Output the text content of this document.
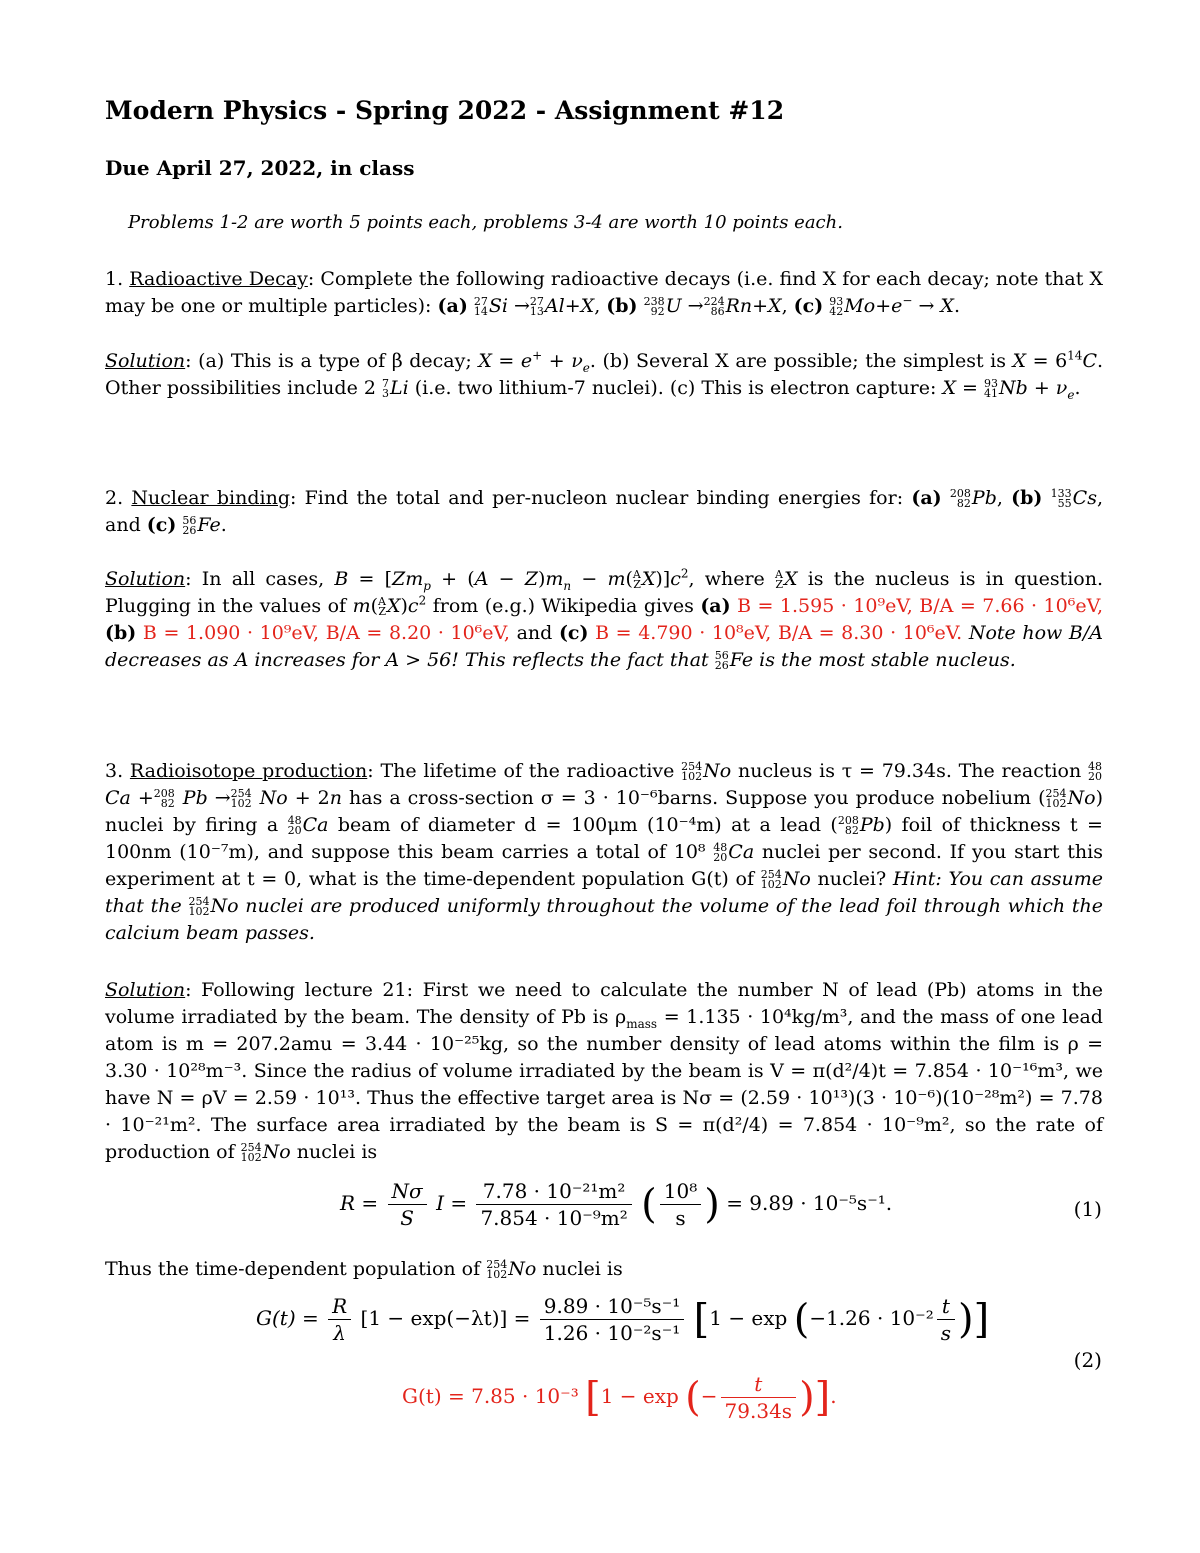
Modern Physics - Spring 2022 - Assignment #12
Due April 27, 2022, in class
Problems 1-2 are worth 5 points each, problems 3-4 are worth 10 points each.
1. Radioactive Decay: Complete the following radioactive decays (i.e. find X for each decay; note that X may be one or multiple particles): (a) 27
14 Si → 27
13 Al+X, (b) 238
92 U → 224
86 Rn+X, (c) 93
42 Mo+e− → X.
Solution: (a) This is a type of β decay; $X = e^+ + \nu_e$. (b) Several X are possible; the simplest is $X = 6^{14}C$. Other possibilities include 2 7
3 Li (i.e. two lithium-7 nuclei). (c) This is electron capture: X = 93
41 $Nb + \nu_e$.
2. Nuclear binding: Find the total and per-nucleon nuclear binding energies for: (a) 208
82 Pb, (b) 133
55 Cs, and (c) 56
26 Fe.
Solution: In all cases, $B = [Zm_p + (A - Z)m_n - m$( A
Z $X)]c^2$, where A
Z X is the nucleus is in question. Plugging in the values of m( A
Z $X)c^2$ from (e.g.) Wikipedia gives (a) B = 1.595 · 10⁹eV, B/A = 7.66 · 10⁶eV, (b) B = 1.090 · 10⁹eV, B/A = 8.20 · 10⁶eV, and (c) B = 4.790 · 10⁸eV, B/A = 8.30 · 10⁶eV. Note how B/A decreases as A increases for A > 56! This reflects the fact that 56
26 Fe is the most stable nucleus.
3. Radioisotope production: The lifetime of the radioactive 254
102 No nucleus is τ = 79.34s. The reaction 48
20
Ca + 208
82 Pb → 254
102 No + 2n has a cross-section σ = 3 · 10⁻⁶barns. Suppose you produce nobelium ( 254
102 No) nuclei by firing a 48
20 Ca beam of diameter d = 100μm (10⁻⁴m) at a lead ( 208
82 Pb) foil of thickness t = 100nm (10⁻⁷m), and suppose this beam carries a total of 10⁸ 48
20 Ca nuclei per second. If you start this experiment at t = 0, what is the time-dependent population G(t) of 254
102 No nuclei? Hint: You can assume that the 254
102 No nuclei are produced uniformly throughout the volume of the lead foil through which the calcium beam passes.
Solution: Following lecture 21: First we need to calculate the number N of lead (Pb) atoms in the volume irradiated by the beam. The density of Pb is $\rho_{mass} = 1.135 \cdot 10^4kg/m^3$, and the mass of one lead atom is m = 207.2amu = 3.44 · 10⁻²⁵kg, so the number density of lead atoms within the film is ρ = 3.30 · 10²⁸m⁻³. Since the radius of volume irradiated by the beam is V = π(d²/4)t = 7.854 · 10⁻¹⁶m³, we have N = ρV = 2.59 · 10¹³. Thus the effective target area is Nσ = (2.59 · 10¹³)(3 · 10⁻⁶)(10⁻²⁸m²) = 7.78 · 10⁻²¹m². The surface area irradiated by the beam is S = π(d²/4) = 7.854 · 10⁻⁹m², so the rate of production of 254
102 No nuclei is
$R = \frac{N\sigma}{S}$ $I = \frac{\text{7.78 · 10⁻²¹m²}}{\text{7.854 · 10⁻⁹m²}}$ ( $\frac{\text{10⁸}}{s}$ ) = 9.89 · 10⁻⁵s⁻¹.	(1)
Thus the time-dependent population of 254
102 No nuclei is
$G(t) = \frac{R}{\lambda} [1 - \exp(-\lambda t)] = \frac{\text{9.89 · 10⁻⁵s⁻¹}}{\text{1.26 · 10⁻²s⁻¹}} [1 - \exp (-1.26 \cdot 10^{-2} \frac{t}{s}$ )]
G(t) = 7.85 · 10⁻³ [1 − exp (− $\frac{t}{79.34s}$ )].
(2)
